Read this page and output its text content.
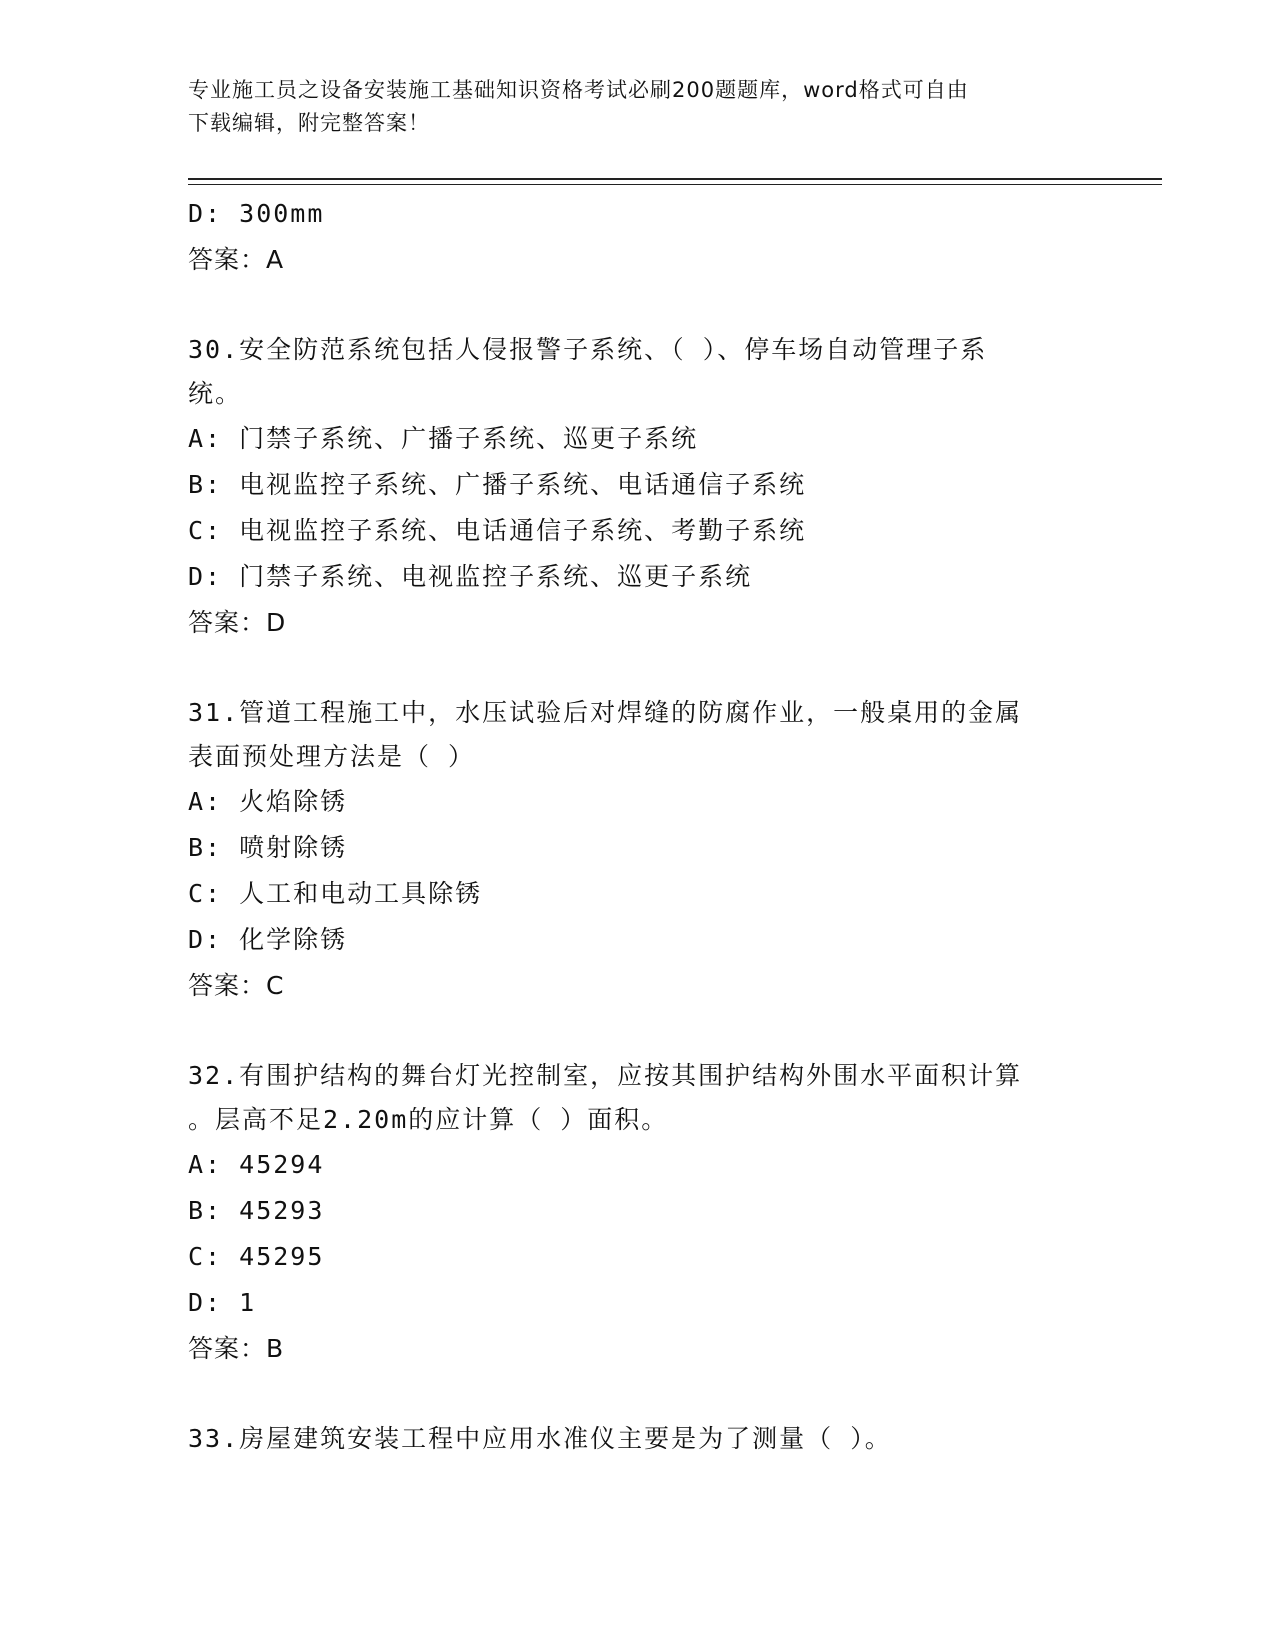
专业施工员之设备安装施工基础知识资格考试必刷200题题库，word格式可自由
下载编辑，附完整答案！
D: 300mm
答案：A
30.安全防范系统包括人侵报警子系统、（ ）、停车场自动管理子系
统。
A: 门禁子系统、广播子系统、巡更子系统
B: 电视监控子系统、广播子系统、电话通信子系统
C: 电视监控子系统、电话通信子系统、考勤子系统
D: 门禁子系统、电视监控子系统、巡更子系统
答案：D
31.管道工程施工中，水压试验后对焊缝的防腐作业，一般桌用的金属
表面预处理方法是（ ）
A: 火焰除锈
B: 喷射除锈
C: 人工和电动工具除锈
D: 化学除锈
答案：C
32.有围护结构的舞台灯光控制室，应按其围护结构外围水平面积计算
。层高不足2.20m的应计算（ ）面积。
A: 45294
B: 45293
C: 45295
D: 1
答案：B
33.房屋建筑安装工程中应用水准仪主要是为了测量（ ）。
